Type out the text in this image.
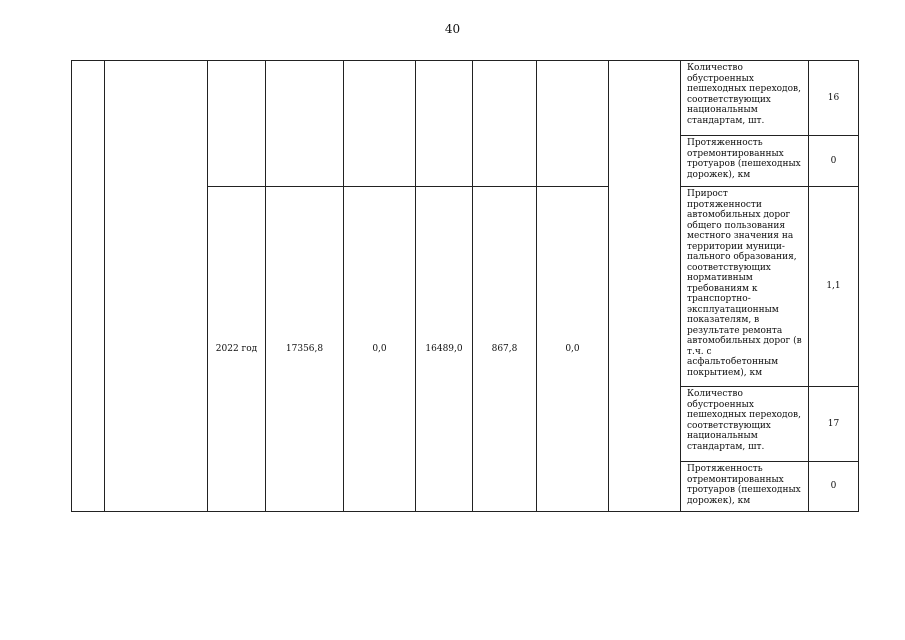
40
									Количество обустроенных пешеходных переходов, соответствующих национальным стандартам, шт.	16
									Протяженность отремонтированных тротуаров (пешеходных дорожек), км	0
		2022 год	17356,8	0,0	16489,0	867,8	0,0		Прирост протяженности автомобильных дорог общего пользования местного значения на территории муници-пального образования, соответствующих нормативным требованиям к транспортно-эксплуатационным показателям, в результате ремонта автомобильных дорог (в т.ч. с асфальтобетонным покрытием), км	1,1
									Количество обустроенных пешеходных переходов, соответствующих национальным стандартам, шт.	17
									Протяженность отремонтированных тротуаров (пешеходных дорожек), км	0
